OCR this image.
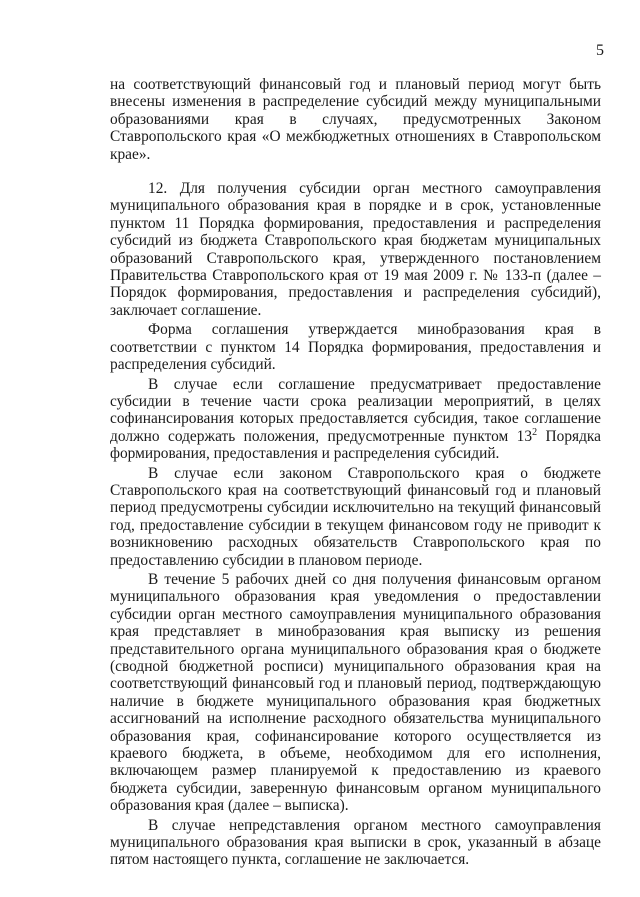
5

на соответствующий финансовый год и плановый период могут быть внесены изменения в распределение субсидий между муниципальными образованиями края в случаях, предусмотренных Законом Ставропольского края «О межбюджетных отношениях в Ставропольском крае».

12. Для получения субсидии орган местного самоуправления муниципального образования края в порядке и в срок, установленные пунктом 11 Порядка формирования, предоставления и распределения субсидий из бюджета Ставропольского края бюджетам муниципальных образований Ставропольского края, утвержденного постановлением Правительства Ставропольского края от 19 мая 2009 г. № 133-п (далее – Порядок формирования, предоставления и распределения субсидий), заключает соглашение.

Форма соглашения утверждается минобразования края в соответствии с пунктом 14 Порядка формирования, предоставления и распределения субсидий.

В случае если соглашение предусматривает предоставление субсидии в течение части срока реализации мероприятий, в целях софинансирования которых предоставляется субсидия, такое соглашение должно содержать положения, предусмотренные пунктом $13^2$ Порядка формирования, предоставления и распределения субсидий.

В случае если законом Ставропольского края о бюджете Ставропольского края на соответствующий финансовый год и плановый период предусмотрены субсидии исключительно на текущий финансовый год, предоставление субсидии в текущем финансовом году не приводит к возникновению расходных обязательств Ставропольского края по предоставлению субсидии в плановом периоде.

В течение 5 рабочих дней со дня получения финансовым органом муниципального образования края уведомления о предоставлении субсидии орган местного самоуправления муниципального образования края представляет в минобразования края выписку из решения представительного органа муниципального образования края о бюджете (сводной бюджетной росписи) муниципального образования края на соответствующий финансовый год и плановый период, подтверждающую наличие в бюджете муниципального образования края бюджетных ассигнований на исполнение расходного обязательства муниципального образования края, софинансирование которого осуществляется из краевого бюджета, в объеме, необходимом для его исполнения, включающем размер планируемой к предоставлению из краевого бюджета субсидии, заверенную финансовым органом муниципального образования края (далее – выписка).

В случае непредставления органом местного самоуправления муниципального образования края выписки в срок, указанный в абзаце пятом настоящего пункта, соглашение не заключается.
